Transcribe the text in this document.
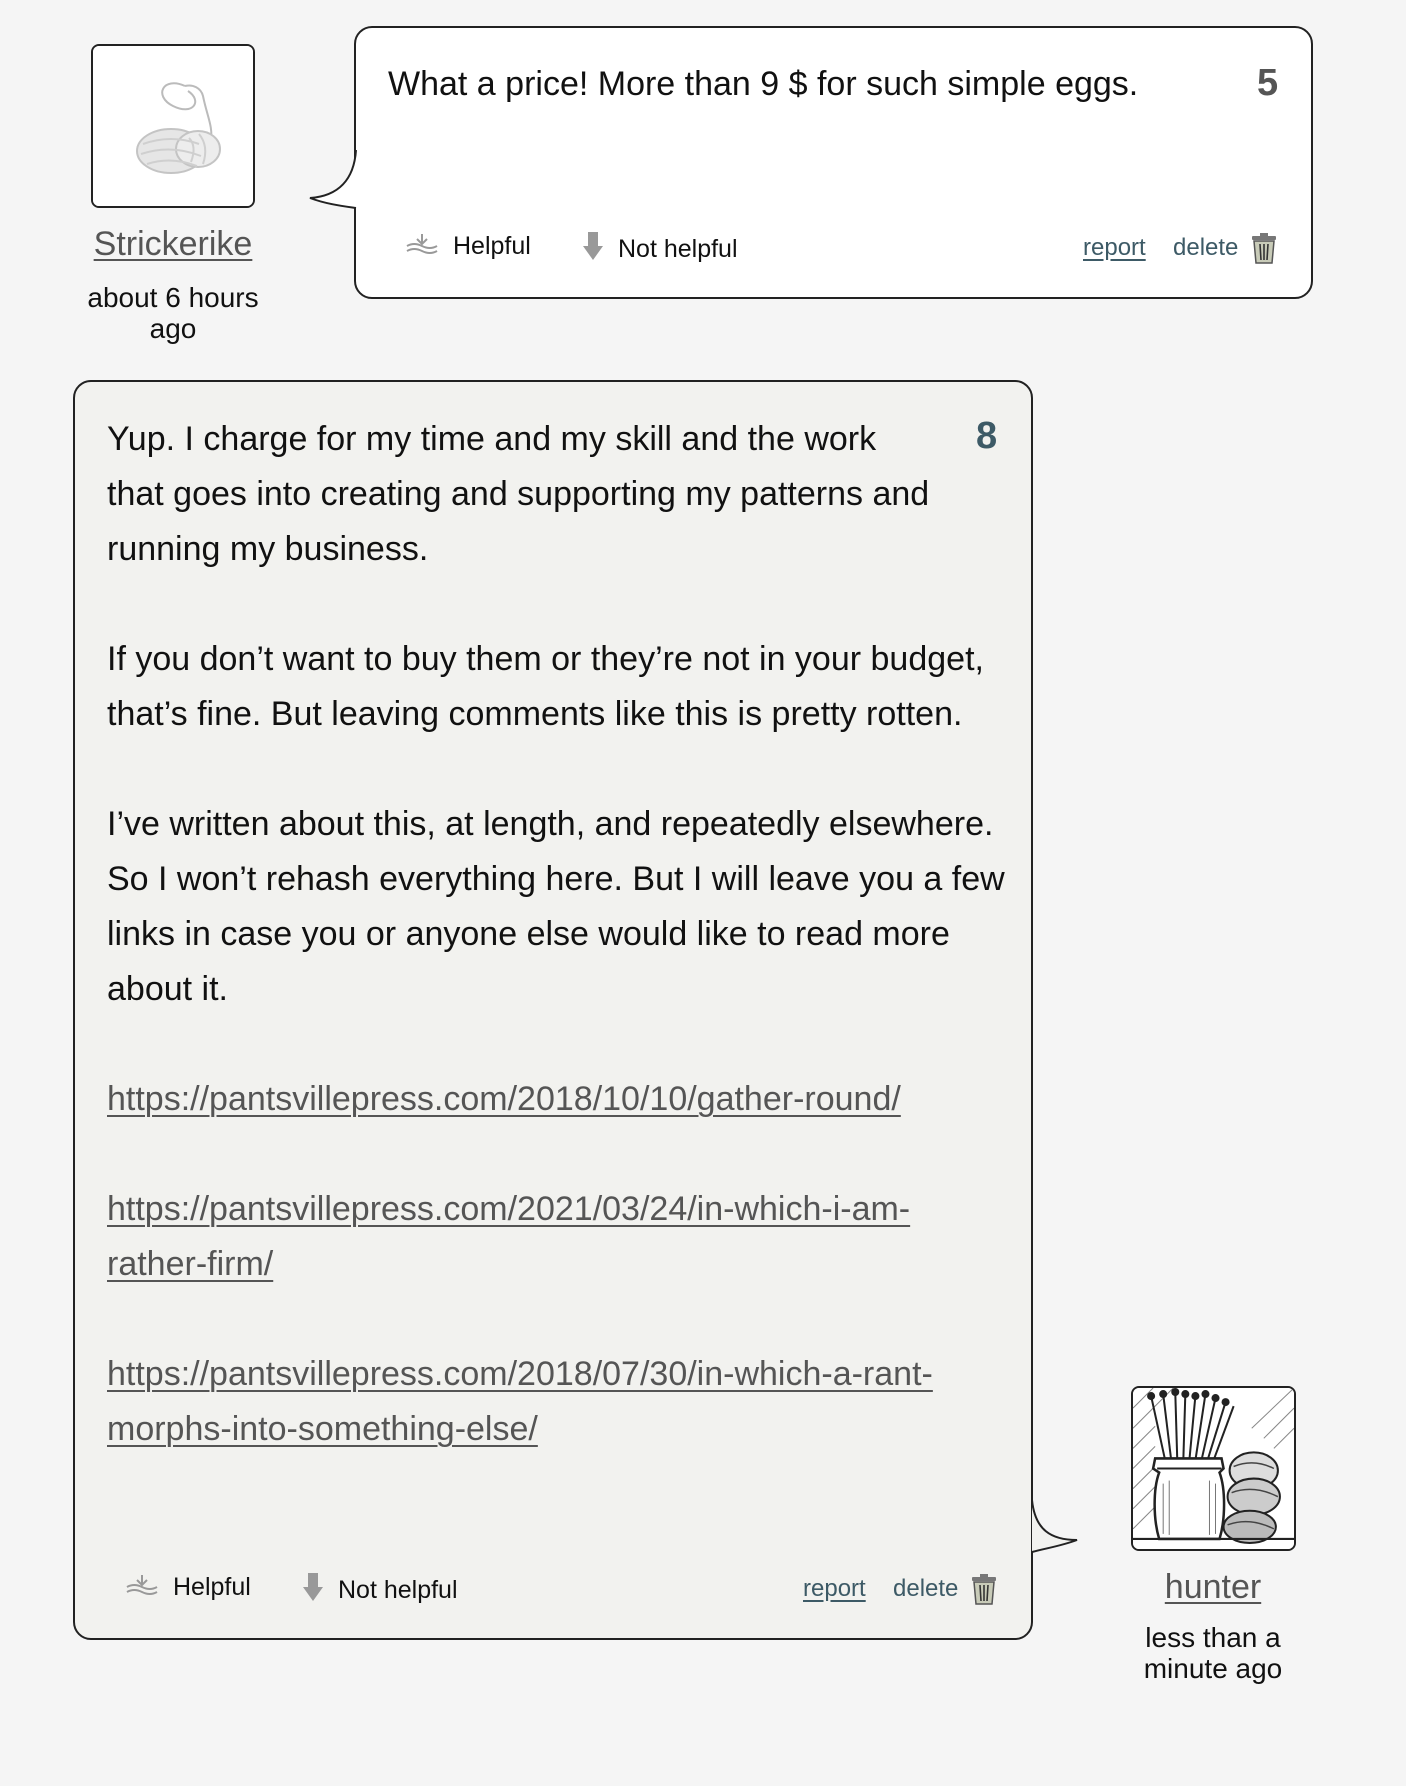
Strickerike
about 6 hours ago

What a price! More than 9 $ for such simple eggs.	5
Helpful	Not helpful	report delete

Yup. I charge for my time and my skill and the work that goes into creating and supporting my patterns and running my business.

If you don’t want to buy them or they’re not in your budget, that’s fine. But leaving comments like this is pretty rotten.

I’ve written about this, at length, and repeatedly elsewhere. So I won’t rehash everything here. But I will leave you a few links in case you or anyone else would like to read more about it.

https://pantsvillepress.com/2018/10/10/gather-round/

https://pantsvillepress.com/2021/03/24/in-which-i-am-rather-firm/

https://pantsvillepress.com/2018/07/30/in-which-a-rant-morphs-into-something-else/

8
Helpful	Not helpful	report delete	hunter
less than a minute ago
